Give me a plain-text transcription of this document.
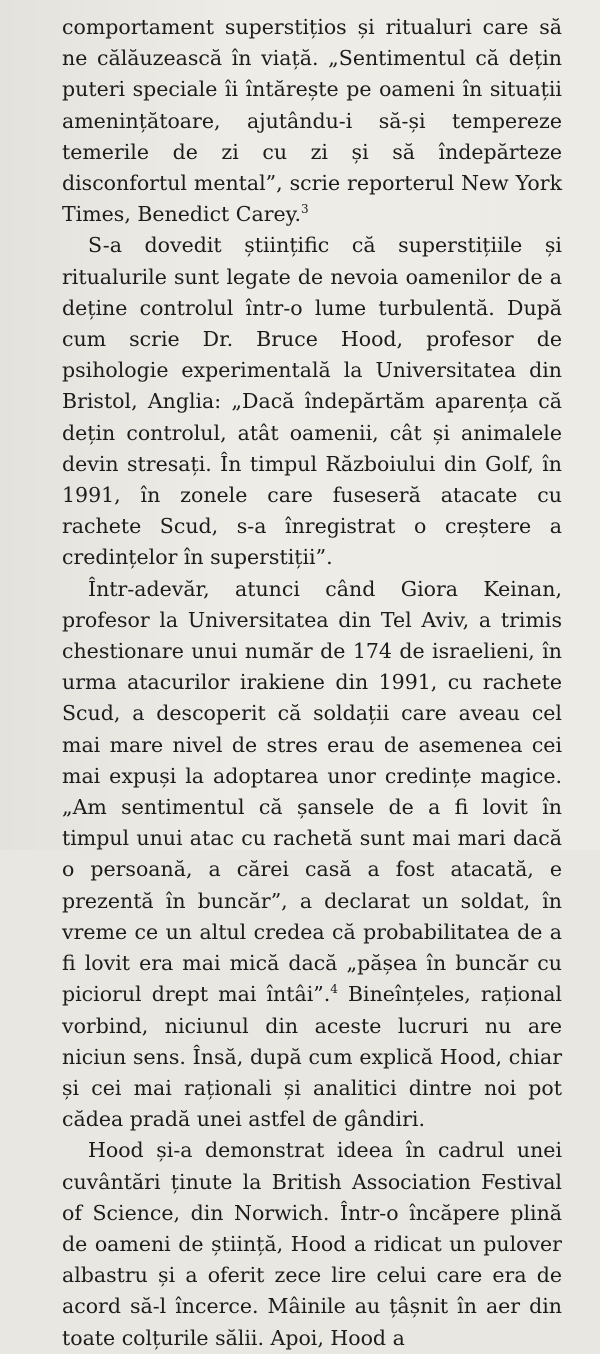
comportament superstițios și ritualuri care să ne călăuzească în viață. „Sentimentul că dețin puteri speciale îi întărește pe oameni în situații amenințătoare, ajutându-i să-și tempereze temerile de zi cu zi și să îndepărteze disconfortul mental”, scrie reporterul New York Times, Benedict Carey.$^3$

S-a dovedit științific că superstițiile și ritualurile sunt legate de nevoia oamenilor de a deține controlul într-o lume turbulentă. După cum scrie Dr. Bruce Hood, profesor de psihologie experimentală la Universitatea din Bristol, Anglia: „Dacă îndepărtăm aparența că dețin controlul, atât oamenii, cât și animalele devin stresați. În timpul Războiului din Golf, în 1991, în zonele care fuseseră atacate cu rachete Scud, s-a înregistrat o creștere a credințelor în superstiții”.

Într-adevăr, atunci când Giora Keinan, profesor la Universitatea din Tel Aviv, a trimis chestionare unui număr de 174 de israelieni, în urma atacurilor irakiene din 1991, cu rachete Scud, a descoperit că soldații care aveau cel mai mare nivel de stres erau de asemenea cei mai expuși la adoptarea unor credințe magice. „Am sentimentul că șansele de a fi lovit în timpul unui atac cu rachetă sunt mai mari dacă o persoană, a cărei casă a fost atacată, e prezentă în buncăr”, a declarat un soldat, în vreme ce un altul credea că probabilitatea de a fi lovit era mai mică dacă „pășea în buncăr cu piciorul drept mai întâi”.$^4$ Bineînțeles, rațional vorbind, niciunul din aceste lucruri nu are niciun sens. Însă, după cum explică Hood, chiar și cei mai raționali și analitici dintre noi pot cădea pradă unei astfel de gândiri.

Hood și-a demonstrat ideea în cadrul unei cuvântări ținute la British Association Festival of Science, din Norwich. Într-o încăpere plină de oameni de știință, Hood a ridicat un pulover albastru și a oferit zece lire celui care era de acord să-l încerce. Mâinile au țâșnit în aer din toate colțurile sălii. Apoi, Hood a
